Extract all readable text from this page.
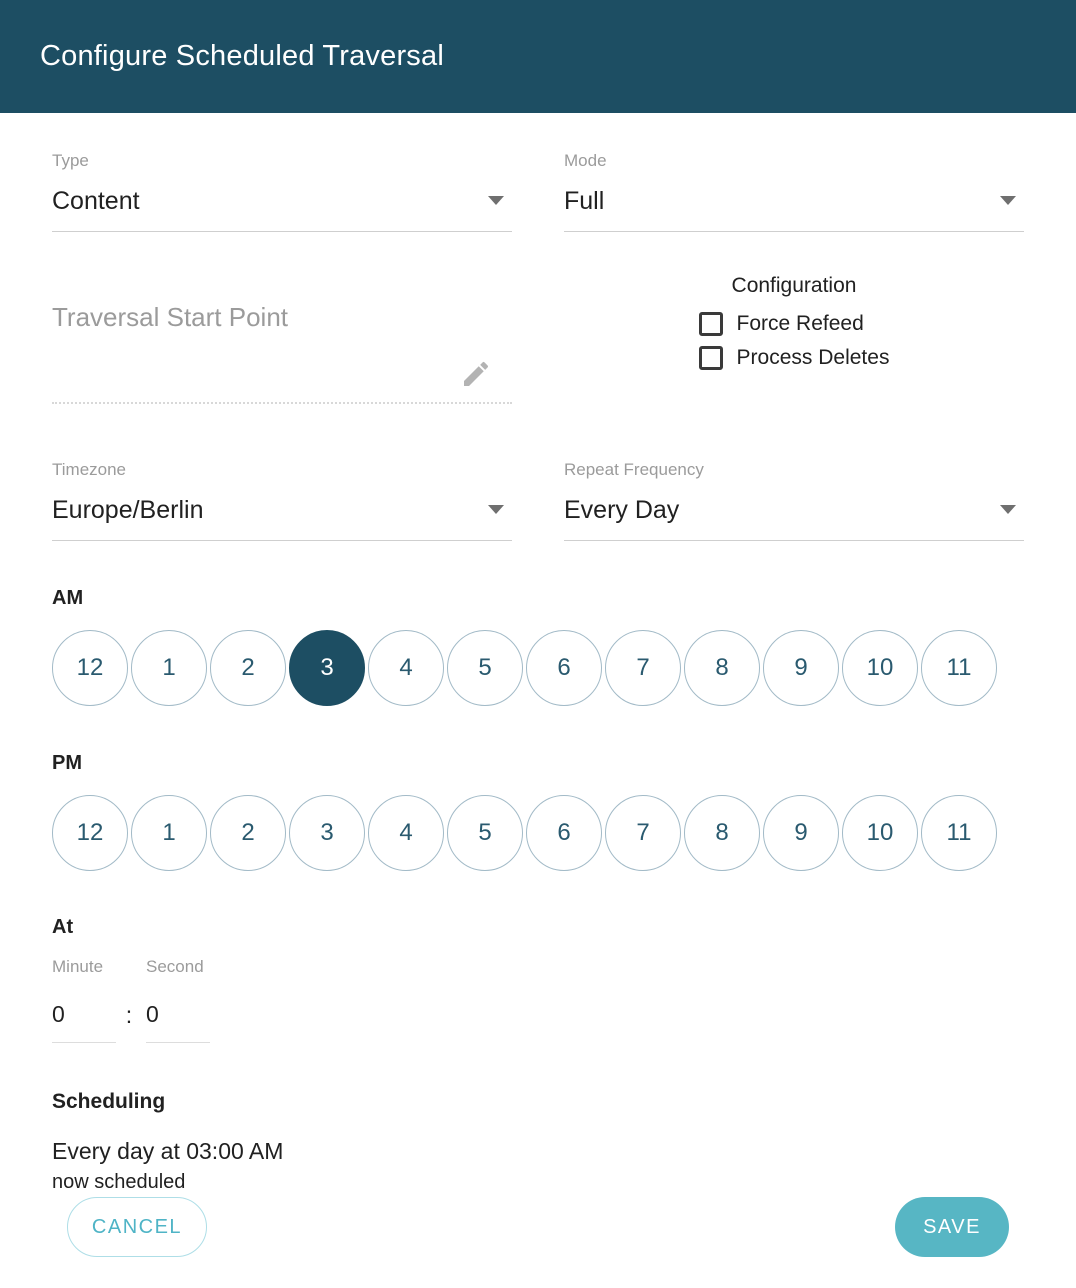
Configure Scheduled Traversal
Type
Content
Mode
Full
Traversal Start Point
Configuration
Force Refeed
Process Deletes
Timezone
Europe/Berlin
Repeat Frequency
Every Day
AM
12	1	2	3	4	5	6	7	8	9	10	11
PM
12	1	2	3	4	5	6	7	8	9	10	11
At
Minute
0	:
Second
0
Scheduling
Every day at 03:00 AM
now scheduled
CANCEL	SAVE
